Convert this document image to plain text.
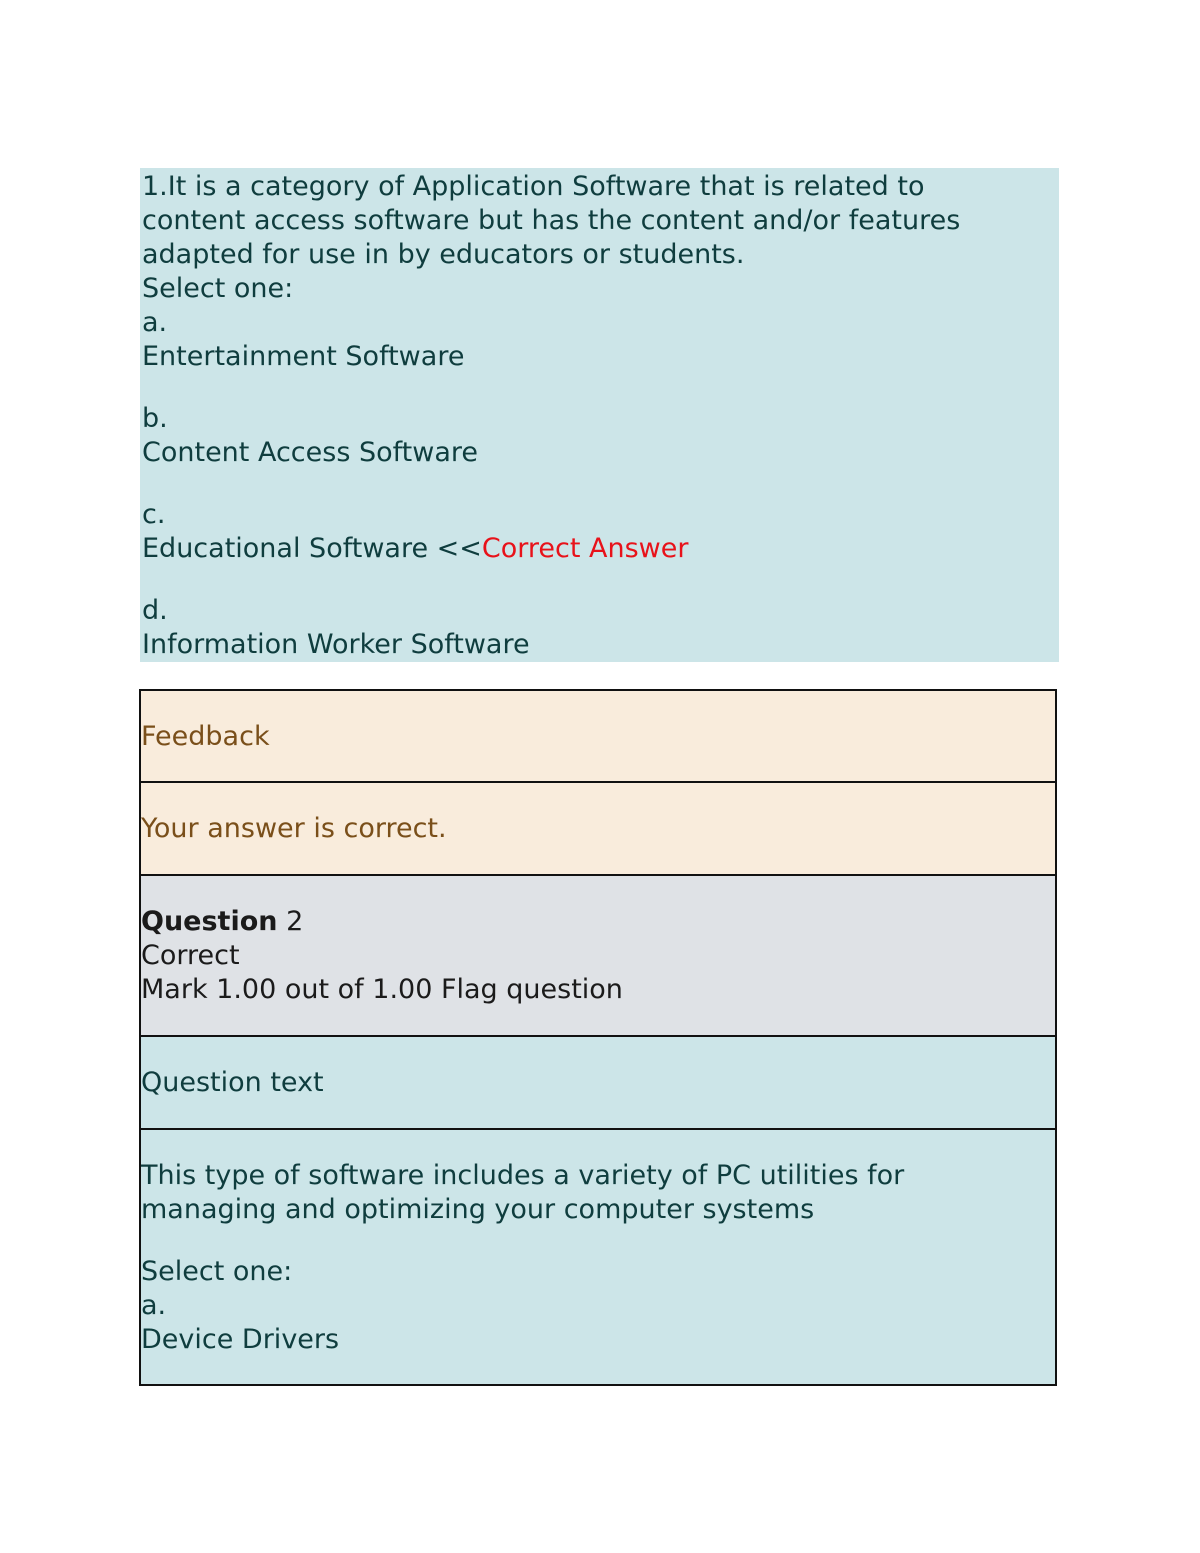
1.It is a category of Application Software that is related to
content access software but has the content and/or features
adapted for use in by educators or students.
Select one:
a.
Entertainment Software
b.
Content Access Software
c.
Educational Software <<Correct Answer
d.
Information Worker Software
Feedback
Your answer is correct.
Question 2
Correct
Mark 1.00 out of 1.00 Flag question
Question text
This type of software includes a variety of PC utilities for
managing and optimizing your computer systems
Select one:
a.
Device Drivers
